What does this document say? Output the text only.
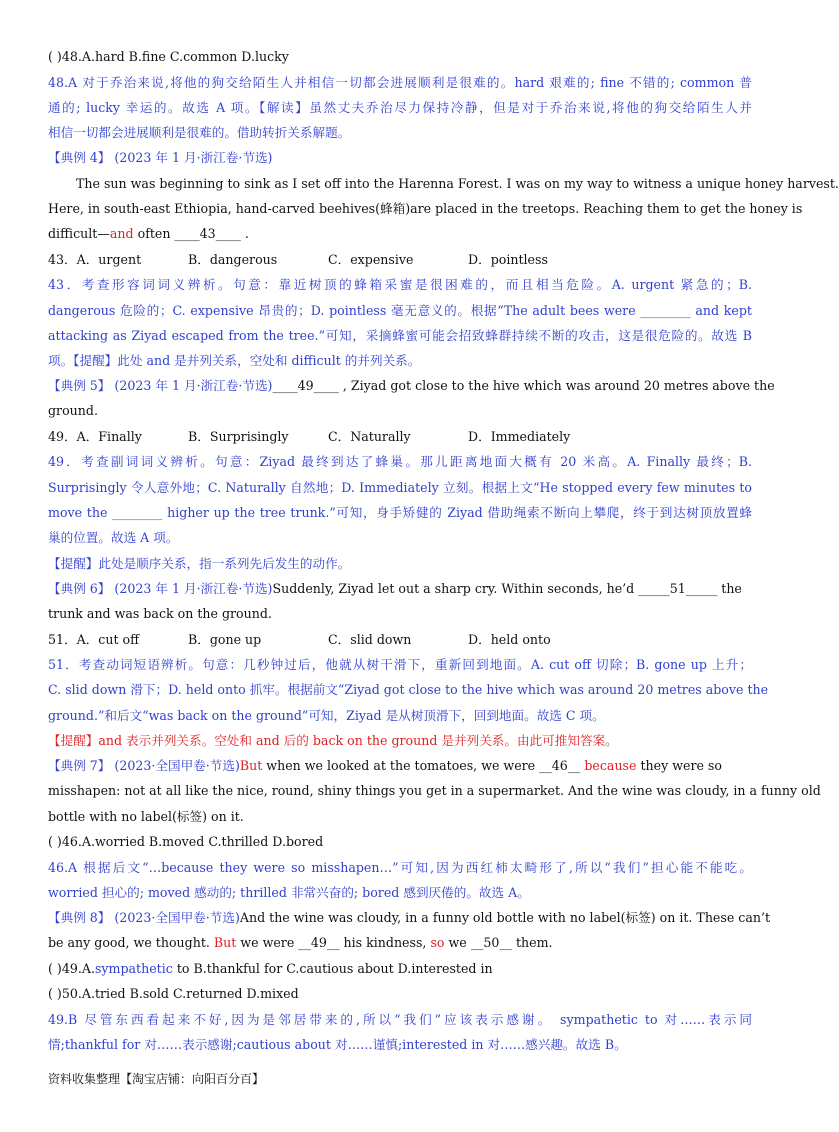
( )48.A.hard B.fine C.common D.lucky
48.A 对于乔治来说,将他的狗交给陌生人并相信一切都会进展顺利是很难的。hard 艰难的; fine 不错的; common 普
通的; lucky 幸运的。故选 A 项。【解读】虽然丈夫乔治尽力保持冷静，但是对于乔治来说,将他的狗交给陌生人并
相信一切都会进展顺利是很难的。借助转折关系解题。
【典例 4】 (2023 年 1 月·浙江卷·节选)
The sun was beginning to sink as I set off into the Harenna Forest. I was on my way to witness a unique honey harvest.
Here, in south-east Ethiopia, hand-carved beehives(蜂箱)are placed in the treetops. Reaching them to get the honey is
difficult—and often ____43____ .
43．A．urgent	B．dangerous	C．expensive	D．pointless
43．考查形容词词义辨析。句意：靠近树顶的蜂箱采蜜是很困难的，而且相当危险。A. urgent 紧急的；B.
dangerous 危险的；C. expensive 昂贵的；D. pointless 毫无意义的。根据“The adult bees were ________ and kept
attacking as Ziyad escaped from the tree.”可知，采摘蜂蜜可能会招致蜂群持续不断的攻击，这是很危险的。故选 B
项。【提醒】此处 and 是并列关系，空处和 difficult 的并列关系。
【典例 5】 (2023 年 1 月·浙江卷·节选)____49____ , Ziyad got close to the hive which was around 20 metres above the
ground.
49．A．Finally	B．Surprisingly	C．Naturally	D．Immediately
49．考查副词词义辨析。句意：Ziyad 最终到达了蜂巢。那儿距离地面大概有 20 米高。A. Finally 最终；B.
Surprisingly 令人意外地；C. Naturally 自然地；D. Immediately 立刻。根据上文“He stopped every few minutes to
move the ________ higher up the tree trunk.”可知，身手矫健的 Ziyad 借助绳索不断向上攀爬，终于到达树顶放置蜂
巢的位置。故选 A 项。
【提醒】此处是顺序关系，指一系列先后发生的动作。
【典例 6】 (2023 年 1 月·浙江卷·节选)Suddenly, Ziyad let out a sharp cry. Within seconds, he’d _____51_____ the
trunk and was back on the ground.
51．A．cut off	B．gone up	C．slid down	D．held onto
51．考查动词短语辨析。句意：几秒钟过后，他就从树干滑下，重新回到地面。A. cut off 切除；B. gone up 上升；
C. slid down 滑下；D. held onto 抓牢。根据前文“Ziyad got close to the hive which was around 20 metres above the
ground.”和后文“was back on the ground”可知，Ziyad 是从树顶滑下，回到地面。故选 C 项。
【提醒】and 表示并列关系。空处和 and 后的 back on the ground 是并列关系。由此可推知答案。
【典例 7】 (2023·全国甲卷·节选)But when we looked at the tomatoes, we were __46__ because they were so
misshapen: not at all like the nice, round, shiny things you get in a supermarket. And the wine was cloudy, in a funny old
bottle with no label(标签) on it.
( )46.A.worried B.moved C.thrilled D.bored
46.A 根据后文“…because they were so misshapen…”可知,因为西红柿太畸形了,所以“我们”担心能不能吃。
worried 担心的; moved 感动的; thrilled 非常兴奋的; bored 感到厌倦的。故选 A。
【典例 8】 (2023·全国甲卷·节选)And the wine was cloudy, in a funny old bottle with no label(标签) on it. These can’t
be any good, we thought. But we were __49__ his kindness, so we __50__ them.
( )49.A.sympathetic to B.thankful for C.cautious about D.interested in
( )50.A.tried B.sold C.returned D.mixed
49.B 尽管东西看起来不好,因为是邻居带来的,所以“我们”应该表示感谢。 sympathetic to 对……表示同
情;thankful for 对……表示感谢;cautious about 对……谨慎;interested in 对……感兴趣。故选 B。
资料收集整理【淘宝店铺：向阳百分百】
